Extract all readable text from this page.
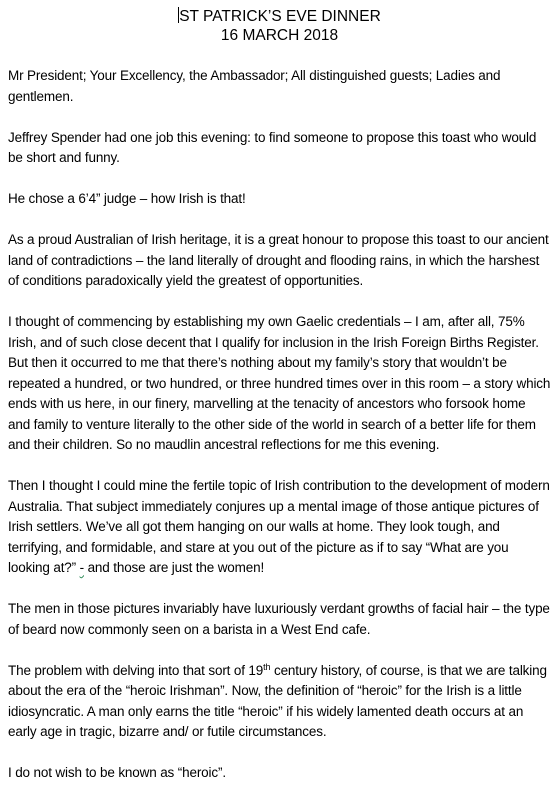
ST PATRICK’S EVE DINNER

16 MARCH 2018

Mr President; Your Excellency, the Ambassador; All distinguished guests; Ladies and gentlemen.

Jeffrey Spender had one job this evening: to find someone to propose this toast who would be short and funny.

He chose a 6’4” judge – how Irish is that!

As a proud Australian of Irish heritage, it is a great honour to propose this toast to our ancient land of contradictions – the land literally of drought and flooding rains, in which the harshest of conditions paradoxically yield the greatest of opportunities.

I thought of commencing by establishing my own Gaelic credentials – I am, after all, 75% Irish, and of such close decent that I qualify for inclusion in the Irish Foreign Births Register. But then it occurred to me that there’s nothing about my family’s story that wouldn’t be repeated a hundred, or two hundred, or three hundred times over in this room – a story which ends with us here, in our finery, marvelling at the tenacity of ancestors who forsook home and family to venture literally to the other side of the world in search of a better life for them and their children. So no maudlin ancestral reflections for me this evening.

Then I thought I could mine the fertile topic of Irish contribution to the development of modern Australia. That subject immediately conjures up a mental image of those antique pictures of Irish settlers. We’ve all got them hanging on our walls at home. They look tough, and terrifying, and formidable, and stare at you out of the picture as if to say “What are you looking at?” - and those are just the women!

The men in those pictures invariably have luxuriously verdant growths of facial hair – the type of beard now commonly seen on a barista in a West End cafe.

The problem with delving into that sort of 19th century history, of course, is that we are talking about the era of the “heroic Irishman”. Now, the definition of “heroic” for the Irish is a little idiosyncratic. A man only earns the title “heroic” if his widely lamented death occurs at an early age in tragic, bizarre and/ or futile circumstances.

I do not wish to be known as “heroic”.
